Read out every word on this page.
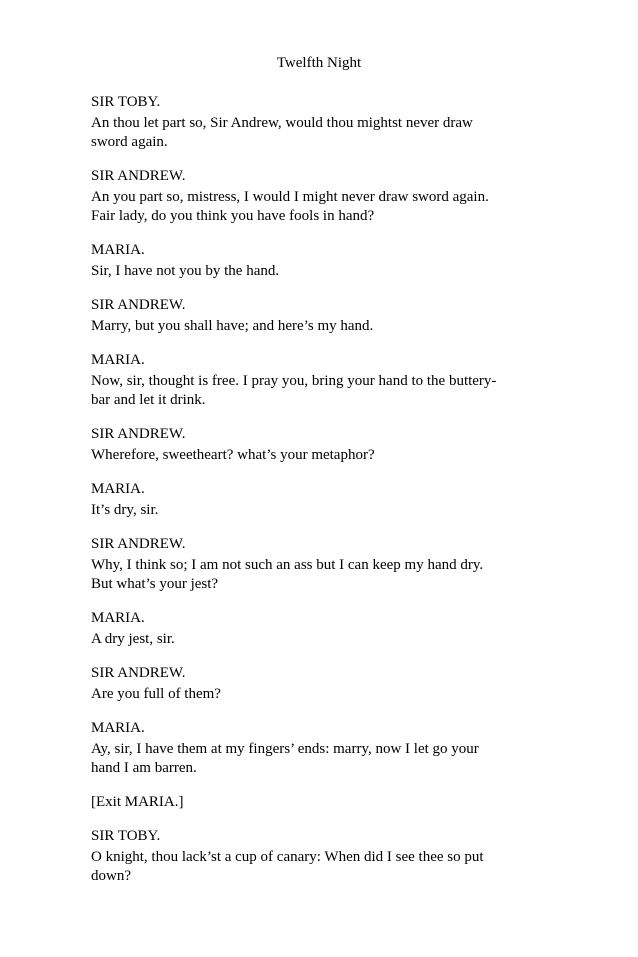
Twelfth Night
SIR TOBY.
An thou let part so, Sir Andrew, would thou mightst never draw
sword again.
SIR ANDREW.
An you part so, mistress, I would I might never draw sword again.
Fair lady, do you think you have fools in hand?
MARIA.
Sir, I have not you by the hand.
SIR ANDREW.
Marry, but you shall have; and here’s my hand.
MARIA.
Now, sir, thought is free. I pray you, bring your hand to the buttery-
bar and let it drink.
SIR ANDREW.
Wherefore, sweetheart? what’s your metaphor?
MARIA.
It’s dry, sir.
SIR ANDREW.
Why, I think so; I am not such an ass but I can keep my hand dry.
But what’s your jest?
MARIA.
A dry jest, sir.
SIR ANDREW.
Are you full of them?
MARIA.
Ay, sir, I have them at my fingers’ ends: marry, now I let go your
hand I am barren.
[Exit MARIA.]
SIR TOBY.
O knight, thou lack’st a cup of canary: When did I see thee so put
down?
